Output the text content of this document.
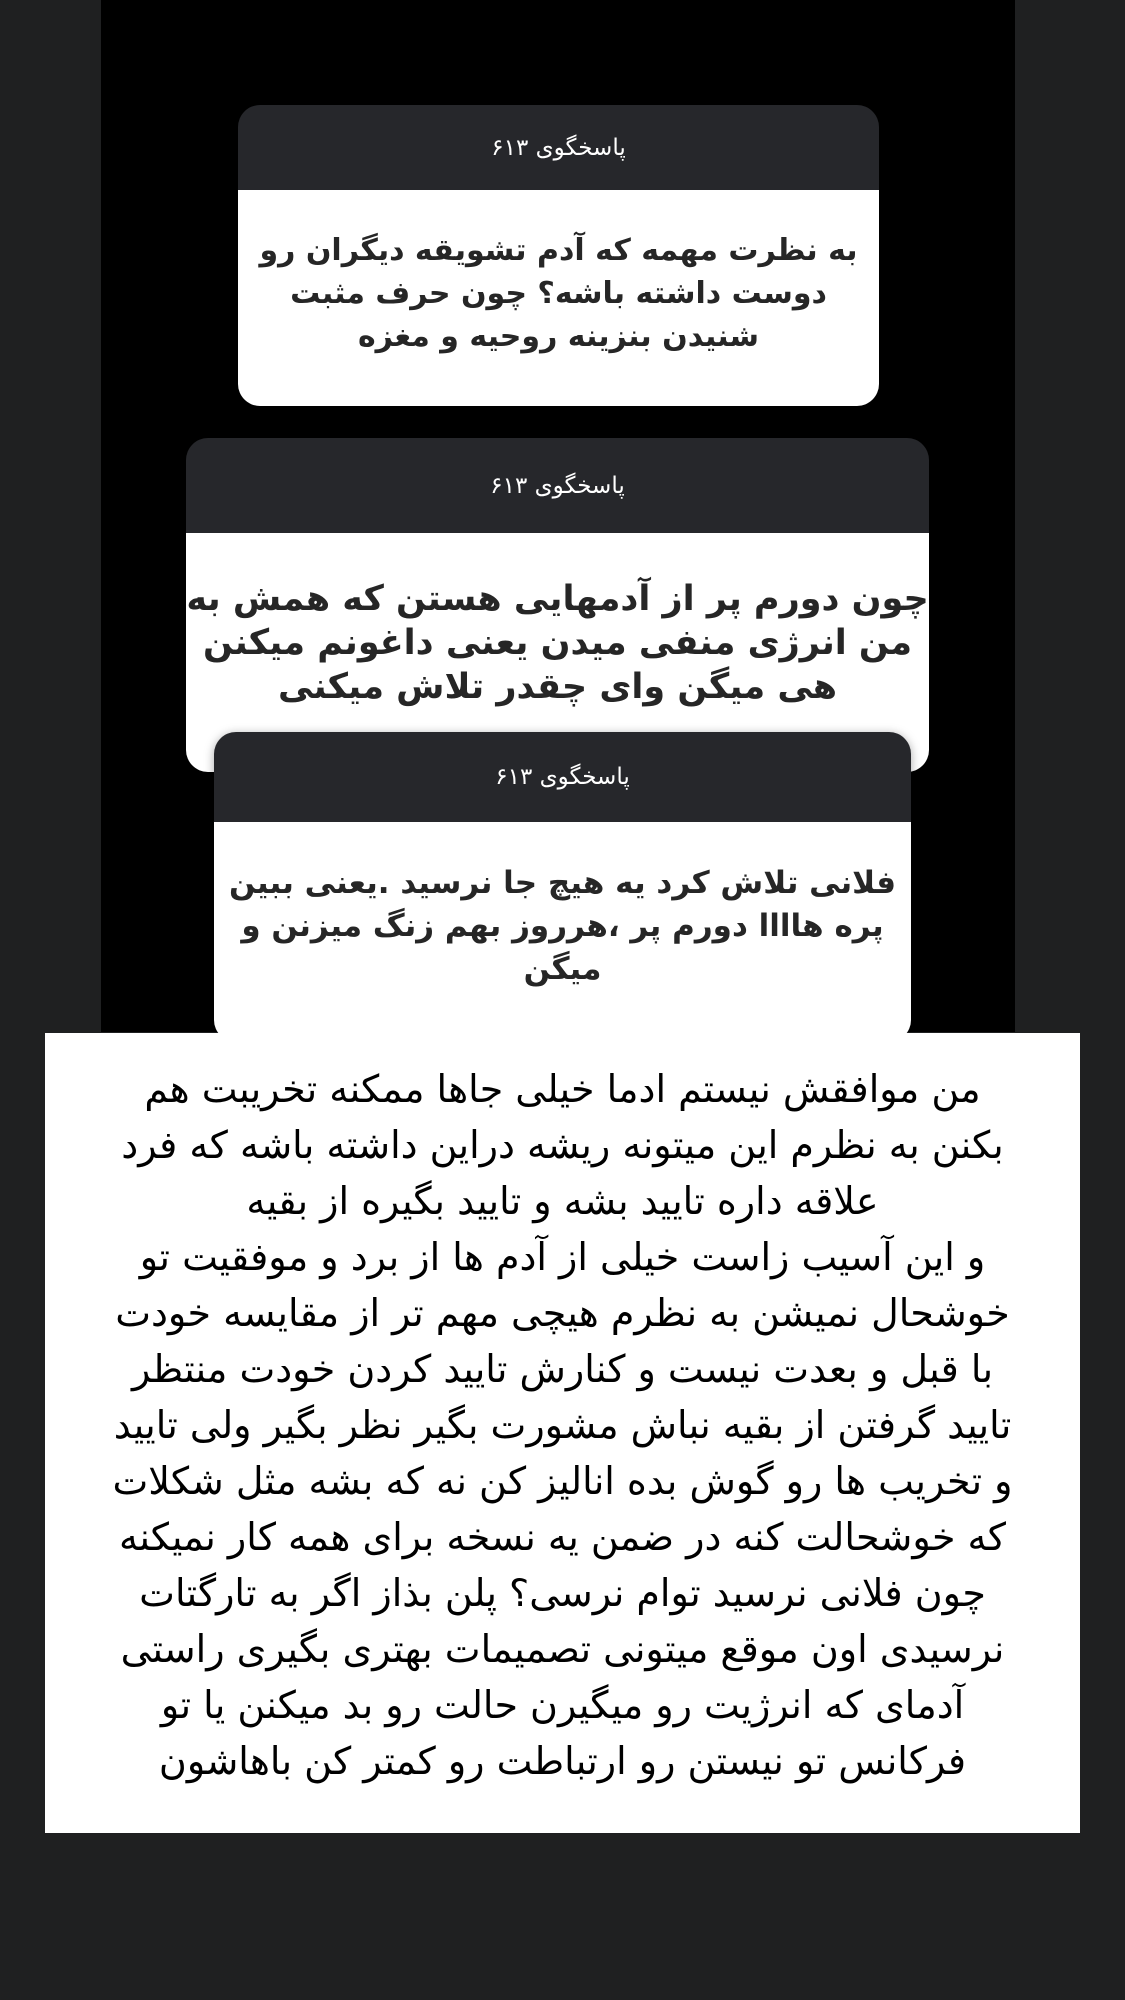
پاسخگوی ۶۱۳
به نظرت مهمه که آدم تشویقه دیگران رو
دوست داشته باشه؟ چون حرف مثبت
شنیدن بنزینه روحیه و مغزه
پاسخگوی ۶۱۳
چون دورم پر از آدمهایی هستن که همش به
من انرژی منفی میدن یعنی داغونم میکنن
هی میگن وای چقدر تلاش میکنی
پاسخگوی ۶۱۳
فلانی تلاش کرد یه هیچ جا نرسید .یعنی ببین
پره هاااا دورم پر ،هرروز بهم زنگ میزنن و
میگن
من موافقش نیستم ادما خیلی جاها ممکنه تخریبت هم
بکنن به نظرم این میتونه ریشه دراین داشته باشه که فرد
علاقه داره تایید بشه و تایید بگیره از بقیه
و این آسیب زاست خیلی از آدم ها از برد و موفقیت تو
خوشحال نمیشن به نظرم هیچی مهم تر از مقایسه خودت
با قبل و بعدت نیست و کنارش تایید کردن خودت منتظر
تایید گرفتن از بقیه نباش مشورت بگیر نظر بگیر ولی تایید
و تخریب ها رو گوش بده انالیز کن نه که بشه مثل شکلات
که خوشحالت کنه در ضمن یه نسخه برای همه کار نمیکنه
چون فلانی نرسید توام نرسی؟ پلن بذاز اگر به تارگتات
نرسیدی اون موقع میتونی تصمیمات بهتری بگیری راستی
آدمای که انرژیت رو میگیرن حالت رو بد میکنن یا تو
فرکانس تو نیستن رو ارتباطت رو کمتر کن باهاشون
